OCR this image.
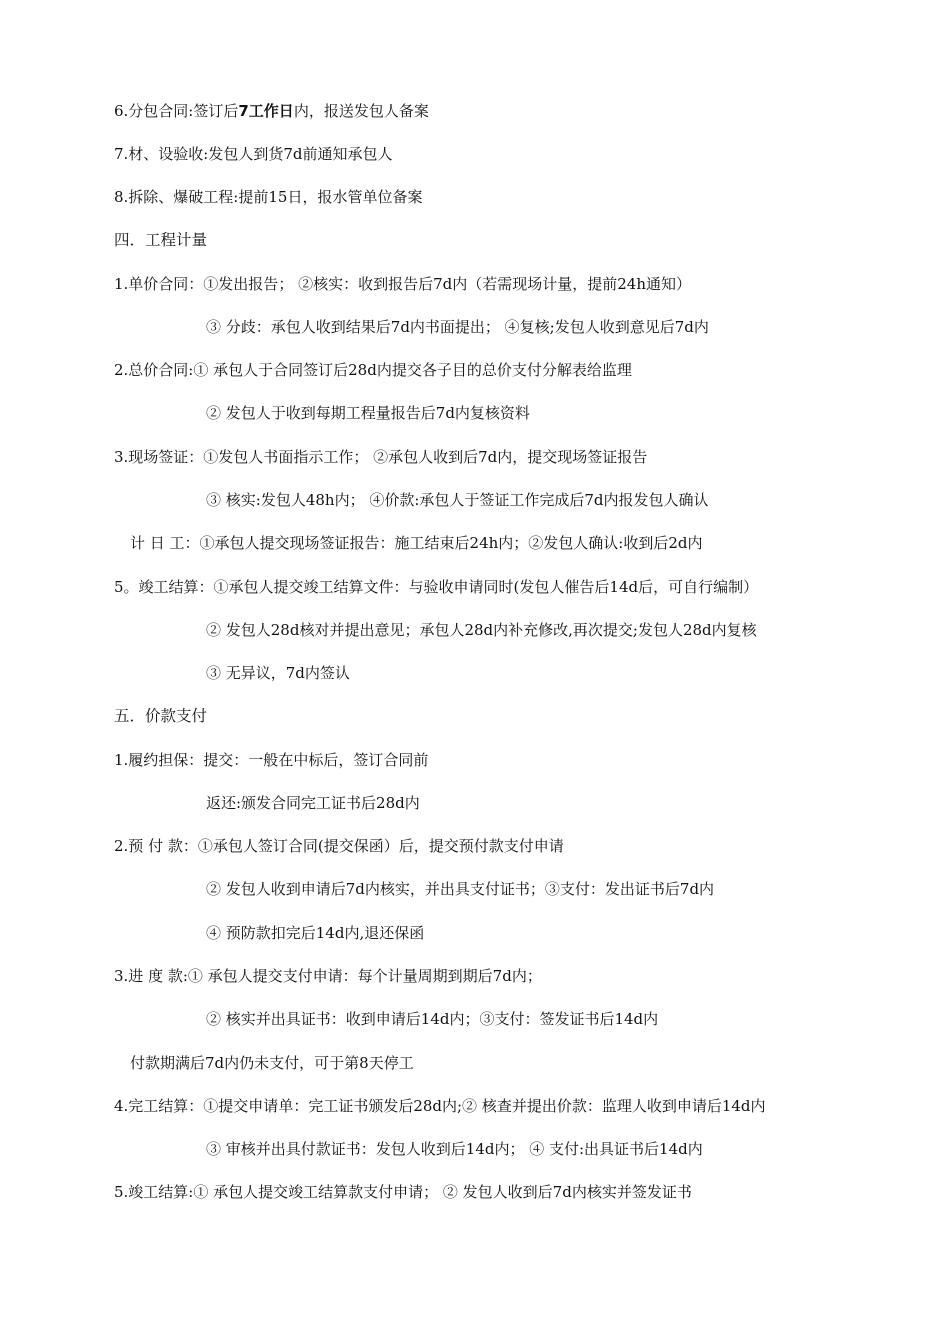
6.分包合同:签订后7工作日内，报送发包人备案
7.材、设验收:发包人到货7d前通知承包人
8.拆除、爆破工程:提前15日，报水管单位备案
四．工程计量
1.单价合同：①发出报告； ②核实：收到报告后7d内（若需现场计量，提前24h通知）
③ 分歧：承包人收到结果后7d内书面提出； ④复核;发包人收到意见后7d内
2.总价合同:① 承包人于合同签订后28d内提交各子目的总价支付分解表给监理
② 发包人于收到每期工程量报告后7d内复核资料
3.现场签证：①发包人书面指示工作； ②承包人收到后7d内，提交现场签证报告
③ 核实:发包人48h内； ④价款:承包人于签证工作完成后7d内报发包人确认
计 日 工：①承包人提交现场签证报告：施工结束后24h内；②发包人确认:收到后2d内
5。竣工结算：①承包人提交竣工结算文件：与验收申请同时(发包人催告后14d后，可自行编制）
② 发包人28d核对并提出意见；承包人28d内补充修改,再次提交;发包人28d内复核
③ 无异议，7d内签认
五．价款支付
1.履约担保：提交：一般在中标后，签订合同前
返还:颁发合同完工证书后28d内
2.预 付 款：①承包人签订合同(提交保函）后，提交预付款支付申请
② 发包人收到申请后7d内核实，并出具支付证书；③支付：发出证书后7d内
④ 预防款扣完后14d内,退还保函
3.进 度 款:① 承包人提交支付申请：每个计量周期到期后7d内；
② 核实并出具证书：收到申请后14d内；③支付：签发证书后14d内
付款期满后7d内仍未支付，可于第8天停工
4.完工结算：①提交申请单：完工证书颁发后28d内;② 核查并提出价款：监理人收到申请后14d内
③ 审核并出具付款证书：发包人收到后14d内； ④ 支付:出具证书后14d内
5.竣工结算:① 承包人提交竣工结算款支付申请； ② 发包人收到后7d内核实并签发证书
